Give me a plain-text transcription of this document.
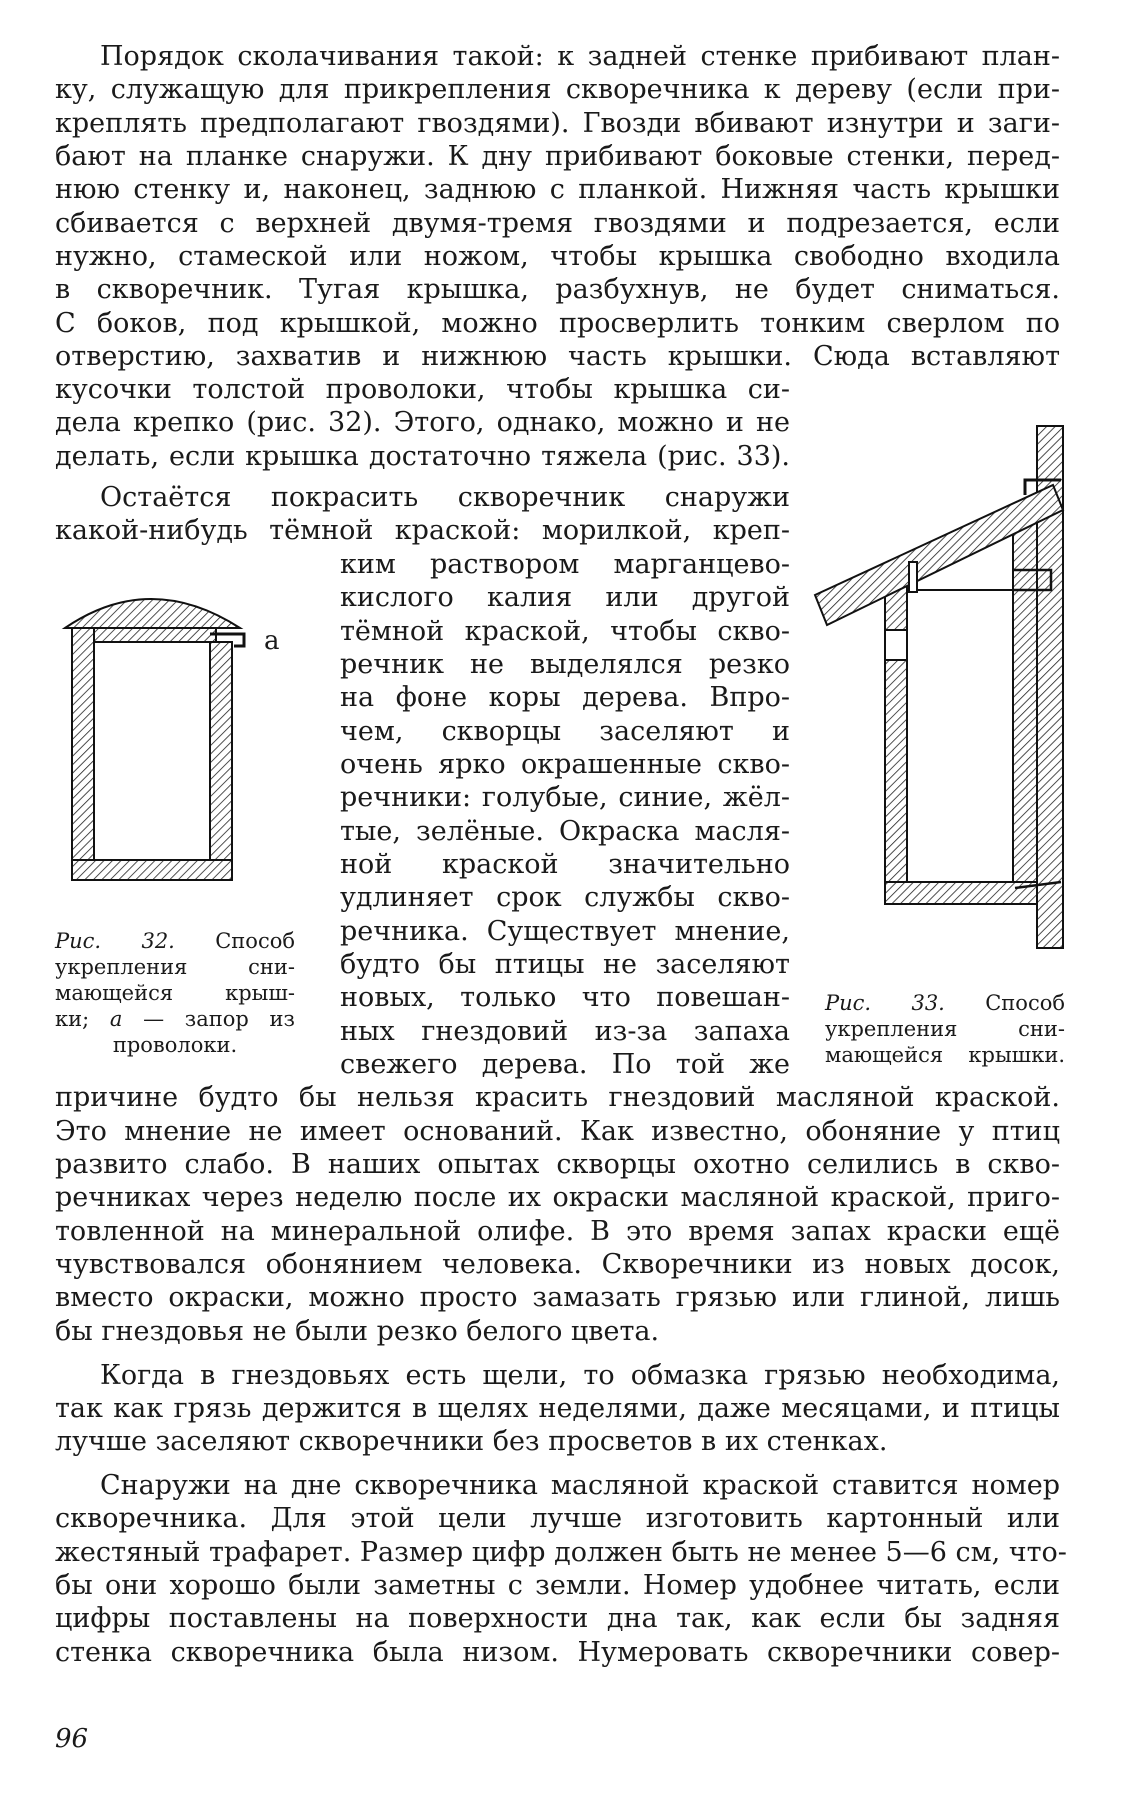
Порядок сколачивания такой: к задней стенке прибивают план-
ку, служащую для прикрепления скворечника к дереву (если при-
креплять предполагают гвоздями). Гвозди вбивают изнутри и заги-
бают на планке снаружи. К дну прибивают боковые стенки, перед-
нюю стенку и, наконец, заднюю с планкой. Нижняя часть крышки
сбивается с верхней двумя-тремя гвоздями и подрезается, если
нужно, стамеской или ножом, чтобы крышка свободно входила
в скворечник. Тугая крышка, разбухнув, не будет сниматься.
С боков, под крышкой, можно просверлить тонким сверлом по
отверстию, захватив и нижнюю часть крышки. Сюда вставляют
кусочки толстой проволоки, чтобы крышка си-
дела крепко (рис. 32). Этого, однако, можно и не
делать, если крышка достаточно тяжела (рис. 33).
Остаётся покрасить скворечник снаружи
какой-нибудь тёмной краской: морилкой, креп-
ким раствором марганцево-
кислого калия или другой
тёмной краской, чтобы скво-
речник не выделялся резко
на фоне коры дерева. Впро-
чем, скворцы заселяют и
очень ярко окрашенные скво-
речники: голубые, синие, жёл-
тые, зелёные. Окраска масля-
ной краской значительно
удлиняет срок службы скво-
речника. Существует мнение,
будто бы птицы не заселяют
новых, только что повешан-
ных гнездовий из-за запаха
свежего дерева. По той же
причине будто бы нельзя красить гнездовий масляной краской.
Это мнение не имеет оснований. Как известно, обоняние у птиц
развито слабо. В наших опытах скворцы охотно селились в скво-
речниках через неделю после их окраски масляной краской, приго-
товленной на минеральной олифе. В это время запах краски ещё
чувствовался обонянием человека. Скворечники из новых досок,
вместо окраски, можно просто замазать грязью или глиной, лишь
бы гнездовья не были резко белого цвета.
Когда в гнездовьях есть щели, то обмазка грязью необходима,
так как грязь держится в щелях неделями, даже месяцами, и птицы
лучше заселяют скворечники без просветов в их стенках.
Снаружи на дне скворечника масляной краской ставится номер
скворечника. Для этой цели лучше изготовить картонный или
жестяный трафарет. Размер цифр должен быть не менее 5—6 см, что-
бы они хорошо были заметны с земли. Номер удобнее читать, если
цифры поставлены на поверхности дна так, как если бы задняя
стенка скворечника была низом. Нумеровать скворечники совер-
а
Рис. 32. Способ
укрепления сни-
мающейся крыш-
ки; а — запор из
проволоки.
Рис. 33. Способ
укрепления сни-
мающейся крышки.
96
